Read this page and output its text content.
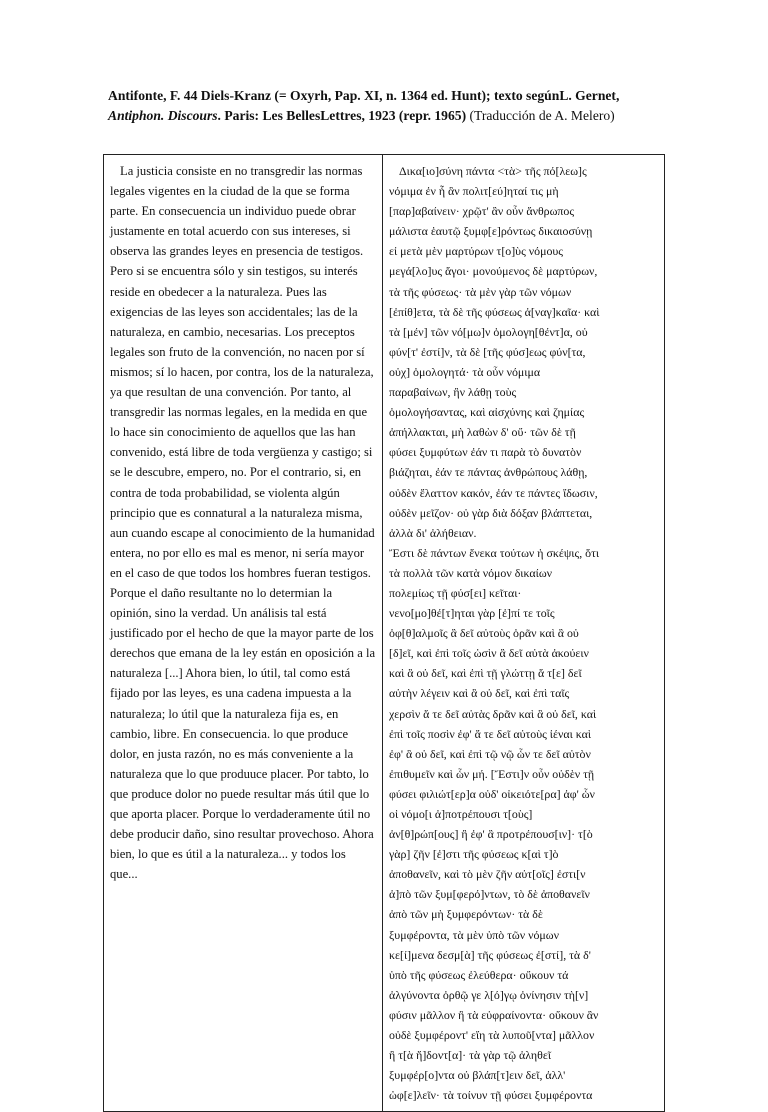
Antifonte, F. 44 Diels-Kranz (= Oxyrh, Pap. XI, n. 1364 ed. Hunt); texto segúnL. Gernet, Antiphon. Discours. Paris: Les BellesLettres, 1923 (repr. 1965) (Traducción de A. Melero)
La justicia consiste en no transgredir las normas legales vigentes en la ciudad de la que se forma parte. En consecuencia un individuo puede obrar justamente en total acuerdo con sus intereses, si observa las grandes leyes en presencia de testigos. Pero si se encuentra sólo y sin testigos, su interés reside en obedecer a la naturaleza. Pues las exigencias de las leyes son accidentales; las de la naturaleza, en cambio, necesarias. Los preceptos legales son fruto de la convención, no nacen por sí mismos; sí lo hacen, por contra, los de la naturaleza, ya que resultan de una convención. Por tanto, al transgredir las normas legales, en la medida en que lo hace sin conocimiento de aquellos que las han convenido, está libre de toda vergüenza y castigo; si se le descubre, empero, no. Por el contrario, si, en contra de toda probabilidad, se violenta algún principio que es connatural a la naturaleza misma, aun cuando escape al conocimiento de la humanidad entera, no por ello es mal es menor, ni sería mayor en el caso de que todos los hombres fueran testigos. Porque el daño resultante no lo determian la opinión, sino la verdad. Un análisis tal está justificado por el hecho de que la mayor parte de los derechos que emana de la ley están en oposición a la naturaleza [...] Ahora bien, lo útil, tal como está fijado por las leyes, es una cadena impuesta a la naturaleza; lo útil que la naturaleza fija es, en cambio, libre. En consecuencia. lo que produce dolor, en justa razón, no es más conveniente a la naturaleza que lo que produuce placer. Por tabto, lo que produce dolor no puede resultar más útil que lo que aporta placer. Porque lo verdaderamente útil no debe producir daño, sino resultar provechoso. Ahora bien, lo que es útil a la naturaleza... y todos los que...

Δικα[ιο]σύνη πάντα <τὰ> τῆς πό[λεω]ς
νόμιμα ἐν ἧ ἂν πολιτ[εύ]ηταί τις μὴ
[παρ]αβαίνειν· χρῷτ' ἂν οὖν ἄνθρωπος
μάλιστα ἑαυτῷ ξυμφ[ε]ρόντως δικαιοσύνῃ
εἰ μετὰ μὲν μαρτύρων τ[ο]ὺς νόμους
μεγά[λο]υς ἄγοι· μονούμενος δὲ μαρτύρων,
τὰ τῆς φύσεως· τὰ μὲν γὰρ τῶν νόμων
[ἐπίθ]ετα, τὰ δὲ τῆς φύσεως ἀ[ναγ]καῖα· καὶ
τὰ [μέν] τῶν νό[μω]ν ὁμολογη[θέντ]α, οὐ
φύν[τ' ἐστί]ν, τὰ δὲ [τῆς φύσ]εως φύν[τα,
οὐχ] ὁμολογητά· τὰ οὖν νόμιμα
παραβαίνων, ἢν λάθῃ τοὺς
ὁμολογήσαντας, καὶ αἰσχύνης καὶ ζημίας
ἀπήλλακται, μὴ λαθὼν δ' οὔ· τῶν δὲ τῇ
φύσει ξυμφύτων ἐάν τι παρὰ τὸ δυνατὸν
βιάζηται, ἐάν τε πάντας ἀνθρώπους λάθῃ,
οὐδὲν ἔλαττον κακόν, ἐάν τε πάντες ἴδωσιν,
οὐδὲν μεῖζον· οὐ γὰρ διὰ δόξαν βλάπτεται,
ἀλλὰ δι' ἀλήθειαν.
Ἔστι δὲ πάντων ἕνεκα τούτων ἡ σκέψις, ὅτι
τὰ πολλὰ τῶν κατὰ νόμον δικαίων
πολεμίως τῇ φύσ[ει] κεῖται·
νενο[μο]θέ[τ]ηται γὰρ [ἐ]πί τε τοῖς
ὀφ[θ]αλμοῖς ἃ δεῖ αὐτοὺς ὁρᾶν καὶ ἃ οὐ
[δ]εῖ, καὶ ἐπὶ τοῖς ὠσὶν ἃ δεῖ αὐτὰ ἀκούειν
καὶ ἃ οὐ δεῖ, καὶ ἐπὶ τῇ γλώττῃ ἅ τ[ε] δεῖ
αὐτὴν λέγειν καὶ ἃ οὐ δεῖ, καὶ ἐπὶ ταῖς
χερσὶν ἅ τε δεῖ αὐτὰς δρᾶν καὶ ἃ οὐ δεῖ, καὶ
ἐπὶ τοῖς ποσὶν ἐφ' ἅ τε δεῖ αὐτοὺς ἰέναι καὶ
ἐφ' ἃ οὐ δεῖ, καὶ ἐπὶ τῷ νῷ ὧν τε δεῖ αὐτὸν
ἐπιθυμεῖν καὶ ὧν μή. [Ἔστι]ν οὖν οὐδὲν τῇ
φύσει φιλιώτ[ερ]α οὐδ' οἰκειότε[ρα] ἀφ' ὧν
οἱ νόμο[ι ἀ]ποτρέπουσι τ[οὺς]
ἀν[θ]ρώπ[ους] ἢ ἐφ' ἃ προτρέπουσ[ιν]· τ[ὸ
γὰρ] ζῆν [ἐ]στι τῆς φύσεως κ[αὶ τ]ὸ
ἀποθανεῖν, καὶ τὸ μὲν ζῆν αὐτ[οῖς] ἐστι[ν
ἀ]πὸ τῶν ξυμ[φερό]ντων, τὸ δὲ ἀποθανεῖν
ἀπὸ τῶν μὴ ξυμφερόντων· τὰ δὲ
ξυμφέροντα, τὰ μὲν ὑπὸ τῶν νόμων
κε[ί]μενα δεσμ[ὰ] τῆς φύσεως ἐ[στί], τὰ δ'
ὑπὸ τῆς φύσεως ἐλεύθερα· οὔκουν τά
ἀλγύνοντα ὀρθῷ γε λ[ό]γῳ ὀνίνησιν τὴ[ν]
φύσιν μᾶλλον ἢ τὰ εὐφραίνοντα· οὔκουν ἂν
οὐδὲ ξυμφέροντ' εἴη τὰ λυποῦ[ντα] μᾶλλον
ἢ τ[ὰ ἥ]δοντ[α]· τὰ γὰρ τῷ ἀληθεῖ
ξυμφέρ[ο]ντα οὐ βλάπ[τ]ειν δεῖ, ἀλλ'
ὠφ[ε]λεῖν· τὰ τοίνυν τῇ φύσει ξυμφέροντα
